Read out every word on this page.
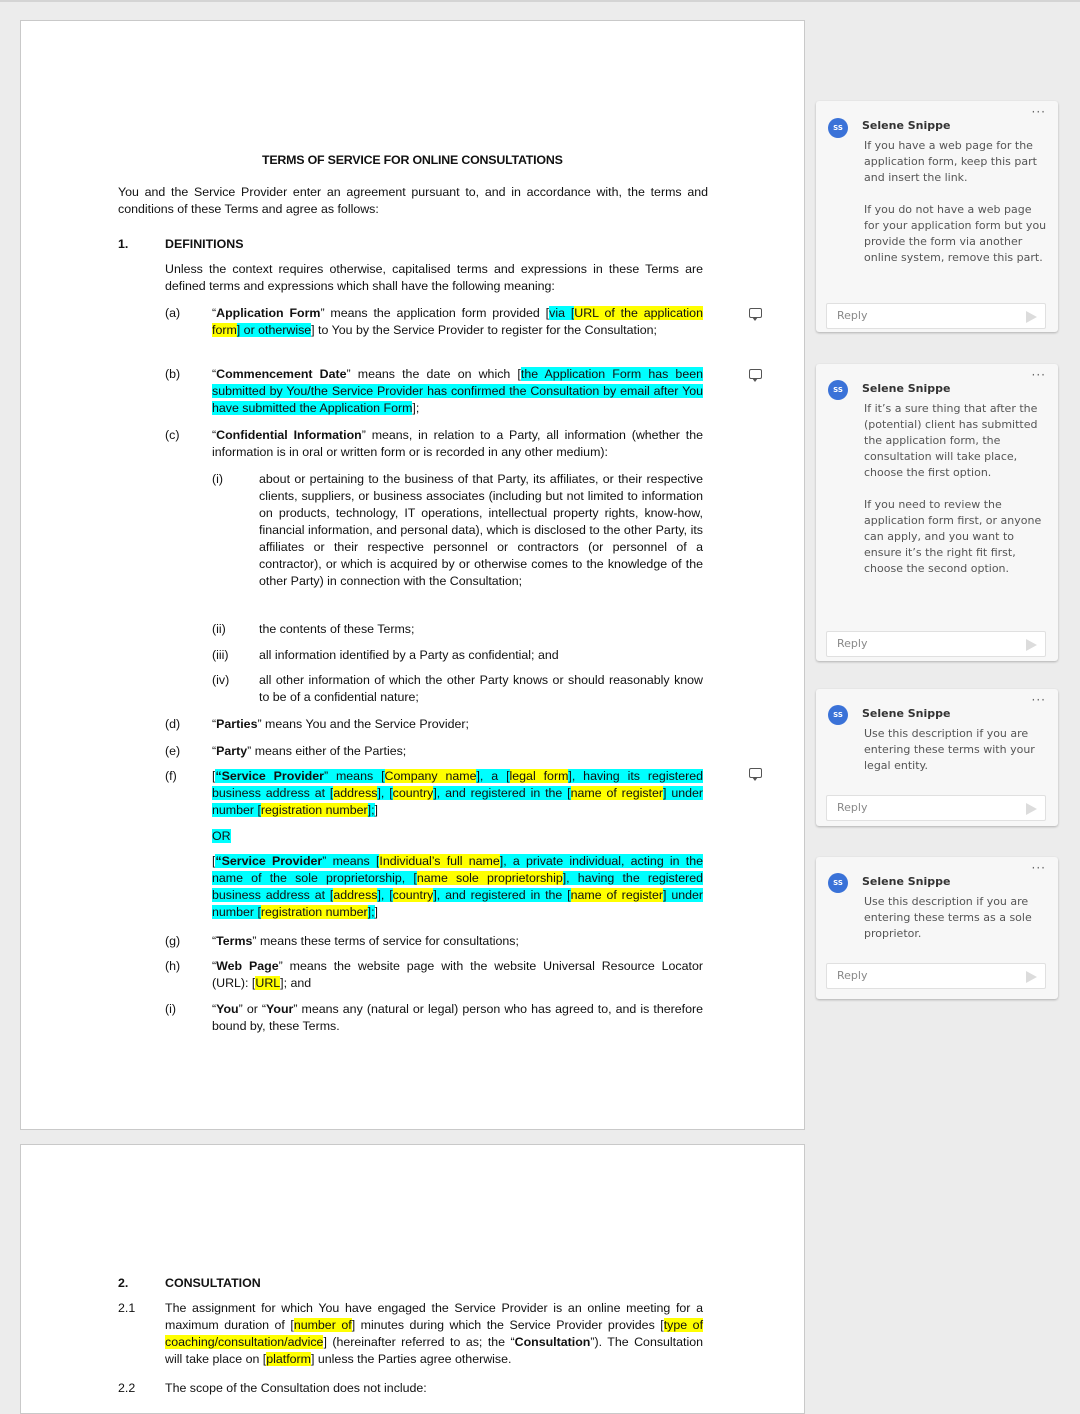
TERMS OF SERVICE FOR ONLINE CONSULTATIONS
You and the Service Provider enter an agreement pursuant to, and in accordance with, the terms and conditions of these Terms and agree as follows:
1.	DEFINITIONS
Unless the context requires otherwise, capitalised terms and expressions in these Terms are defined terms and expressions which shall have the following meaning:
(a)	“Application Form” means the application form provided [via [URL of the application form] or otherwise] to You by the Service Provider to register for the Consultation;
(b)	“Commencement Date” means the date on which [the Application Form has been submitted by You/the Service Provider has confirmed the Consultation by email after You have submitted the Application Form];
(c)	“Confidential Information” means, in relation to a Party, all information (whether the information is in oral or written form or is recorded in any other medium):
(i)	about or pertaining to the business of that Party, its affiliates, or their respective clients, suppliers, or business associates (including but not limited to information on products, technology, IT operations, intellectual property rights, know-how, financial information, and personal data), which is disclosed to the other Party, its affiliates or their respective personnel or contractors (or personnel of a contractor), or which is acquired by or otherwise comes to the knowledge of the other Party) in connection with the Consultation;
(ii)	the contents of these Terms;
(iii) all information identified by a Party as confidential; and
(iv) all other information of which the other Party knows or should reasonably know to be of a confidential nature;
(d)	“Parties” means You and the Service Provider;
(e)	“Party” means either of the Parties;
(f)	[“Service Provider” means [Company name], a [legal form], having its registered business address at [address], [country], and registered in the [name of register] under number [registration number];]
OR
[“Service Provider” means [Individual’s full name], a private individual, acting in the name of the sole proprietorship, [name sole proprietorship], having the registered business address at [address], [country], and registered in the [name of register] under number [registration number];]
(g)	“Terms” means these terms of service for consultations;
(h)	“Web Page” means the website page with the website Universal Resource Locator (URL): [URL]; and
(i)	“You” or “Your” means any (natural or legal) person who has agreed to, and is therefore bound by, these Terms.
2.	CONSULTATION
2.1 The assignment for which You have engaged the Service Provider is an online meeting for a maximum duration of [number of] minutes during which the Service Provider provides [type of coaching/consultation/advice] (hereinafter referred to as; the “Consultation”). The Consultation will take place on [platform] unless the Parties agree otherwise.
2.2 The scope of the Consultation does not include:
···
SS	Selene Snippe

If you have a web page for the application form, keep this part and insert the link.

If you do not have a web page for your application form but you provide the form via another online system, remove this part.

Reply
···
SS	Selene Snippe

If it’s a sure thing that after the (potential) client has submitted the application form, the consultation will take place, choose the first option.

If you need to review the application form first, or anyone can apply, and you want to ensure it’s the right fit first, choose the second option.

Reply
···
SS	Selene Snippe

Use this description if you are entering these terms with your legal entity.

Reply
···
SS	Selene Snippe

Use this description if you are entering these terms as a sole proprietor.

Reply
